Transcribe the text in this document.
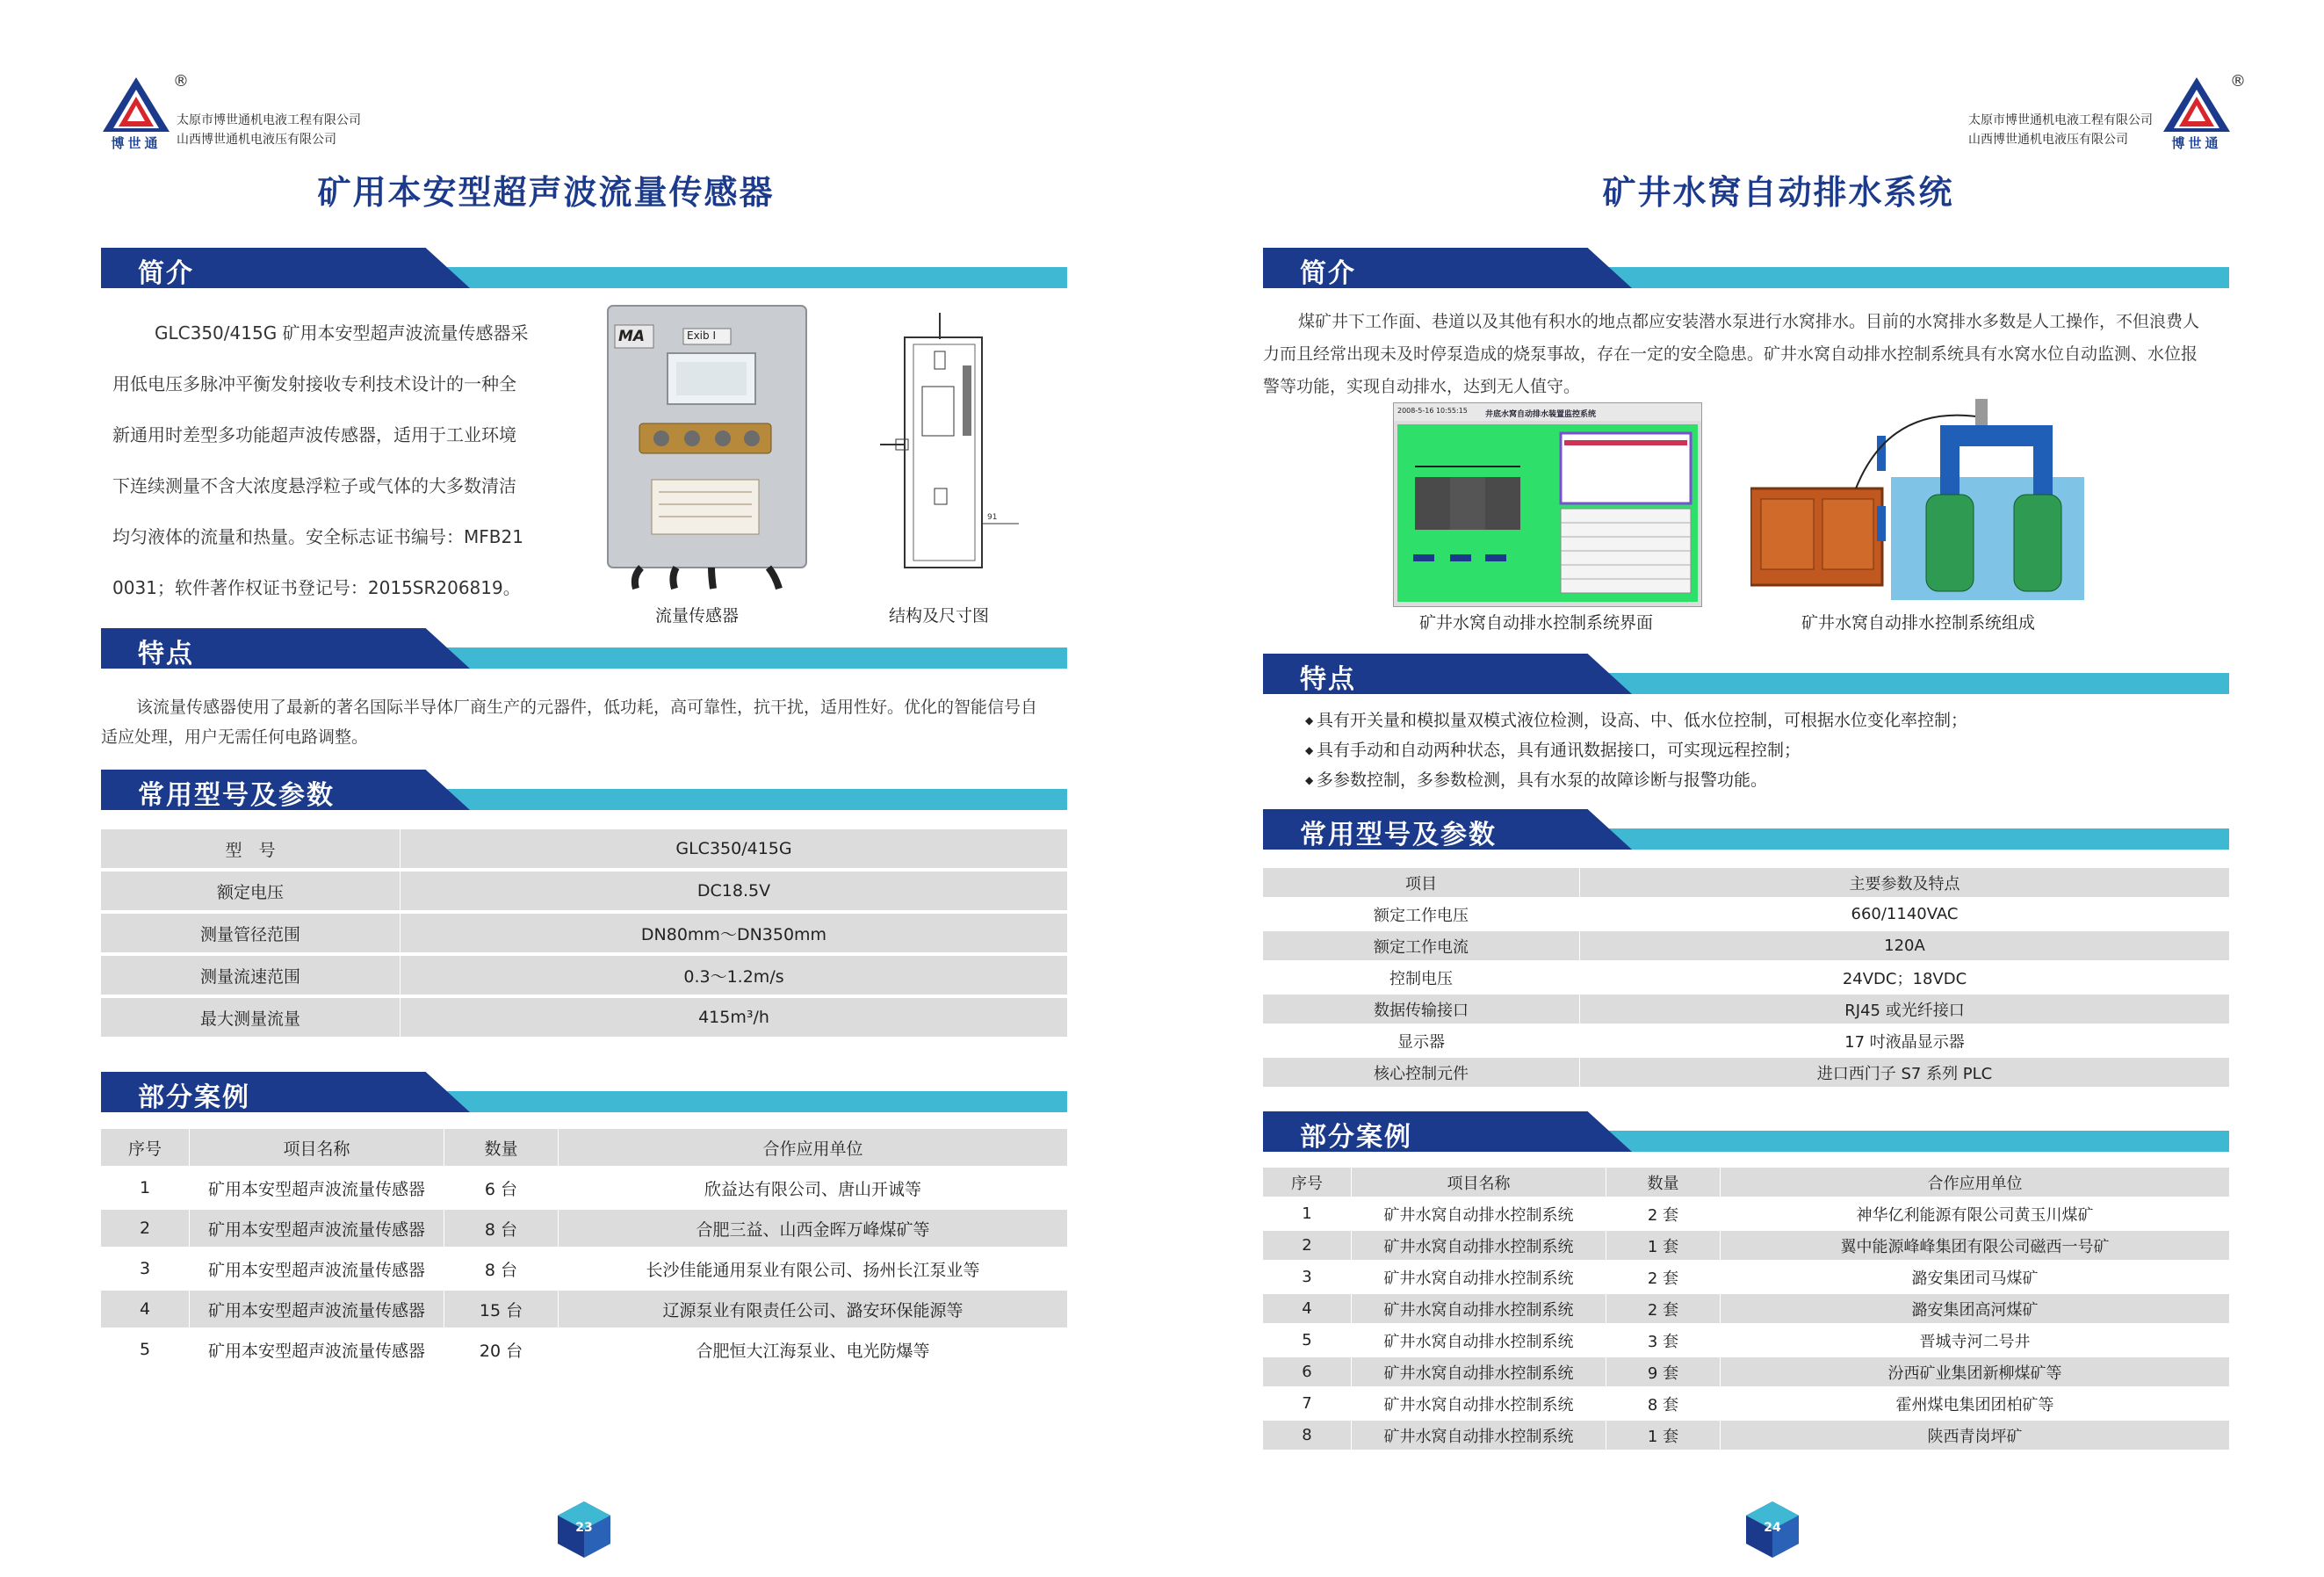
博世通
®
太原市博世通机电液工程有限公司
山西博世通机电液压有限公司
矿用本安型超声波流量传感器
简介
GLC350/415G 矿用本安型超声波流量传感器采
用低电压多脉冲平衡发射接收专利技术设计的一种全
新通用时差型多功能超声波传感器，适用于工业环境
下连续测量不含大浓度悬浮粒子或气体的大多数清洁
均匀液体的流量和热量。安全标志证书编号：MFB21
0031；软件著作权证书登记号：2015SR206819。
MA	Exib Ⅰ
91
流量传感器	结构及尺寸图
特点
该流量传感器使用了最新的著名国际半导体厂商生产的元器件，低功耗，高可靠性，抗干扰，适用性好。优化的智能信号自
适应处理，用户无需任何电路调整。
常用型号及参数
型　号	GLC350/415G
额定电压	DC18.5V
测量管径范围	DN80mm～DN350mm
测量流速范围	0.3～1.2m/s
最大测量流量	415m³/h
部分案例
序号	项目名称	数量	合作应用单位
1	矿用本安型超声波流量传感器	6 台	欣益达有限公司、唐山开诚等
2	矿用本安型超声波流量传感器	8 台	合肥三益、山西金晖万峰煤矿等
3	矿用本安型超声波流量传感器	8 台	长沙佳能通用泵业有限公司、扬州长江泵业等
4	矿用本安型超声波流量传感器	15 台	辽源泵业有限责任公司、潞安环保能源等
5	矿用本安型超声波流量传感器	20 台	合肥恒大江海泵业、电光防爆等
23
太原市博世通机电液工程有限公司
山西博世通机电液压有限公司	博世通
®
矿井水窝自动排水系统
简介
煤矿井下工作面、巷道以及其他有积水的地点都应安装潜水泵进行水窝排水。目前的水窝排水多数是人工操作，不但浪费人
力而且经常出现未及时停泵造成的烧泵事故，存在一定的安全隐患。矿井水窝自动排水控制系统具有水窝水位自动监测、水位报
警等功能，实现自动排水，达到无人值守。
2008-5-16 10:55:15 井底水窝自动排水装置监控系统
矿井水窝自动排水控制系统界面	矿井水窝自动排水控制系统组成
特点
◆ 具有开关量和模拟量双模式液位检测，设高、中、低水位控制，可根据水位变化率控制；
◆ 具有手动和自动两种状态，具有通讯数据接口，可实现远程控制；
◆ 多参数控制，多参数检测，具有水泵的故障诊断与报警功能。
常用型号及参数
项目	主要参数及特点
额定工作电压	660/1140VAC
额定工作电流	120A
控制电压	24VDC；18VDC
数据传输接口	RJ45 或光纤接口
显示器	17 吋液晶显示器
核心控制元件	进口西门子 S7 系列 PLC
部分案例
序号	项目名称	数量	合作应用单位
1	矿井水窝自动排水控制系统	2 套	神华亿利能源有限公司黄玉川煤矿
2	矿井水窝自动排水控制系统	1 套	翼中能源峰峰集团有限公司磁西一号矿
3	矿井水窝自动排水控制系统	2 套	潞安集团司马煤矿
4	矿井水窝自动排水控制系统	2 套	潞安集团高河煤矿
5	矿井水窝自动排水控制系统	3 套	晋城寺河二号井
6	矿井水窝自动排水控制系统	9 套	汾西矿业集团新柳煤矿等
7	矿井水窝自动排水控制系统	8 套	霍州煤电集团团柏矿等
8	矿井水窝自动排水控制系统	1 套	陕西青岗坪矿
24
